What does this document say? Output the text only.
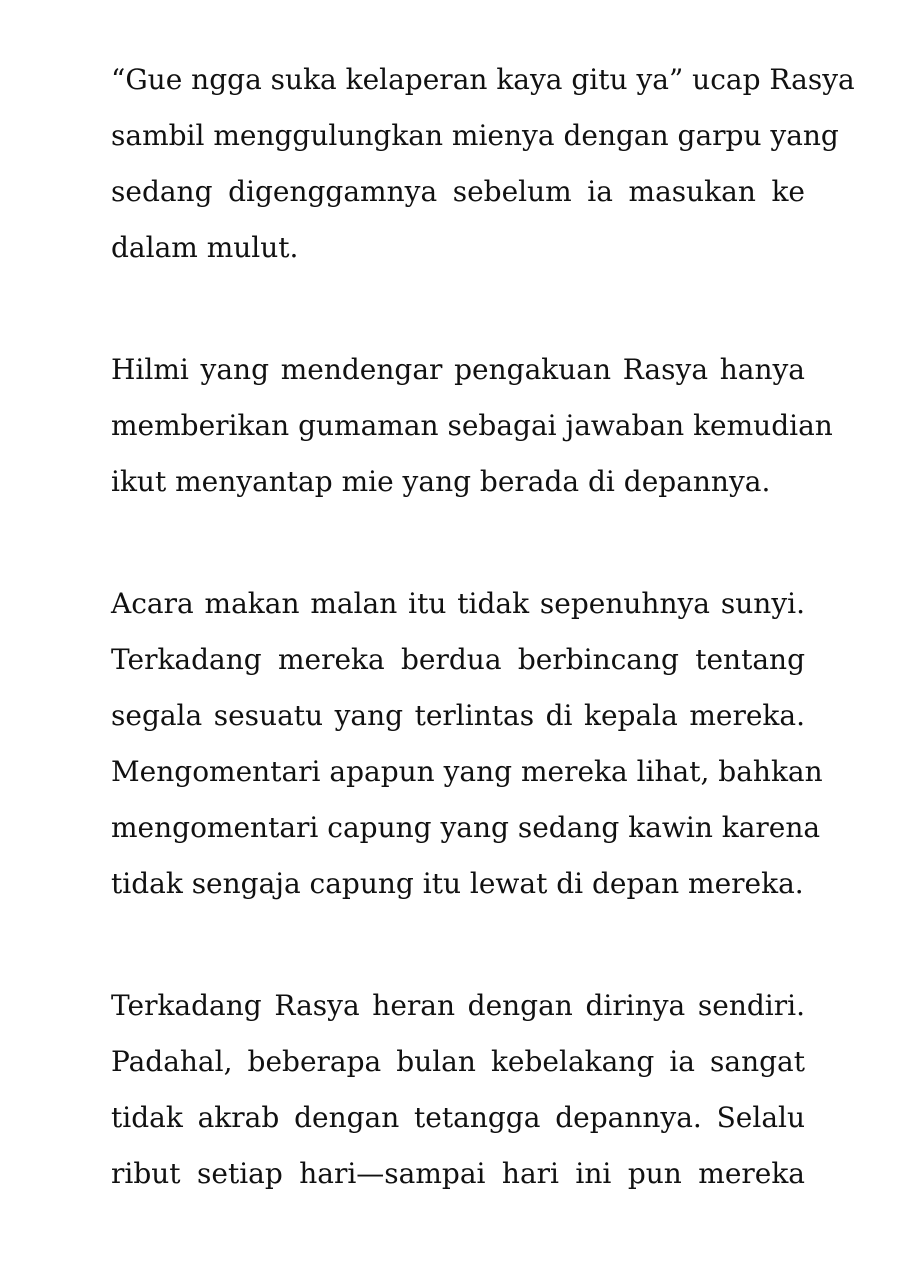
“Gue ngga suka kelaperan kaya gitu ya” ucap Rasya
sambil menggulungkan mienya dengan garpu yang
sedang digenggamnya sebelum ia masukan ke
dalam mulut.

Hilmi yang mendengar pengakuan Rasya hanya
memberikan gumaman sebagai jawaban kemudian
ikut menyantap mie yang berada di depannya.

Acara makan malan itu tidak sepenuhnya sunyi.
Terkadang mereka berdua berbincang tentang
segala sesuatu yang terlintas di kepala mereka.
Mengomentari apapun yang mereka lihat, bahkan
mengomentari capung yang sedang kawin karena
tidak sengaja capung itu lewat di depan mereka.

Terkadang Rasya heran dengan dirinya sendiri.
Padahal, beberapa bulan kebelakang ia sangat
tidak akrab dengan tetangga depannya. Selalu
ribut setiap hari—sampai hari ini pun mereka
